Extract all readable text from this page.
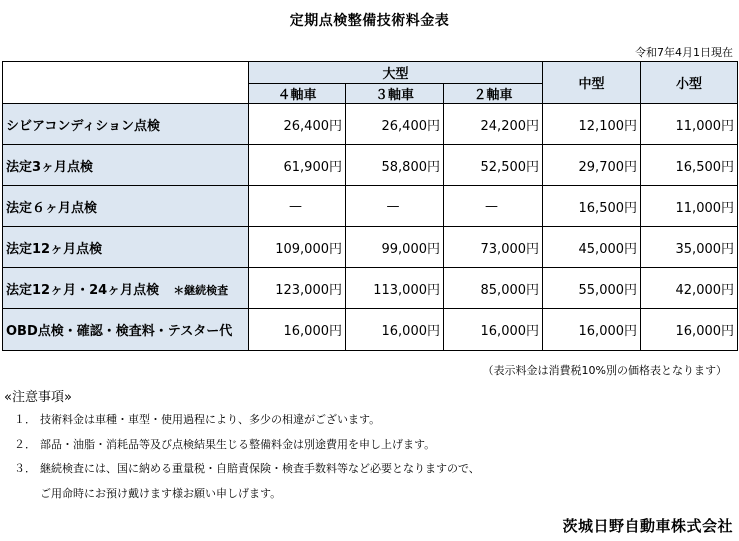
定期点検整備技術料金表
令和7年4月1日現在
	大型			中型	小型
	４軸車	３軸車	２軸車		
シビアコンディション点検	26,400円	26,400円	24,200円	12,100円	11,000円
法定3ヶ月点検	61,900円	58,800円	52,500円	29,700円	16,500円
法定６ヶ月点検	—	—	—	16,500円	11,000円
法定12ヶ月点検	109,000円	99,000円	73,000円	45,000円	35,000円
法定12ヶ月・24ヶ月点検 ＊継続検査	123,000円	113,000円	85,000円	55,000円	42,000円
OBD点検・確認・検査料・テスター代	16,000円	16,000円	16,000円	16,000円	16,000円
（表示料金は消費税10%別の価格表となります）
«注意事項»
１． 技術料金は車種・車型・使用過程により、多少の相違がございます。
２． 部品・油脂・消耗品等及び点検結果生じる整備料金は別途費用を申し上げます。
３． 継続検査には、国に納める重量税・自賠責保険・検査手数料等など必要となりますので、
ご用命時にお預け戴けます様お願い申しげます。
茨城日野自動車株式会社
